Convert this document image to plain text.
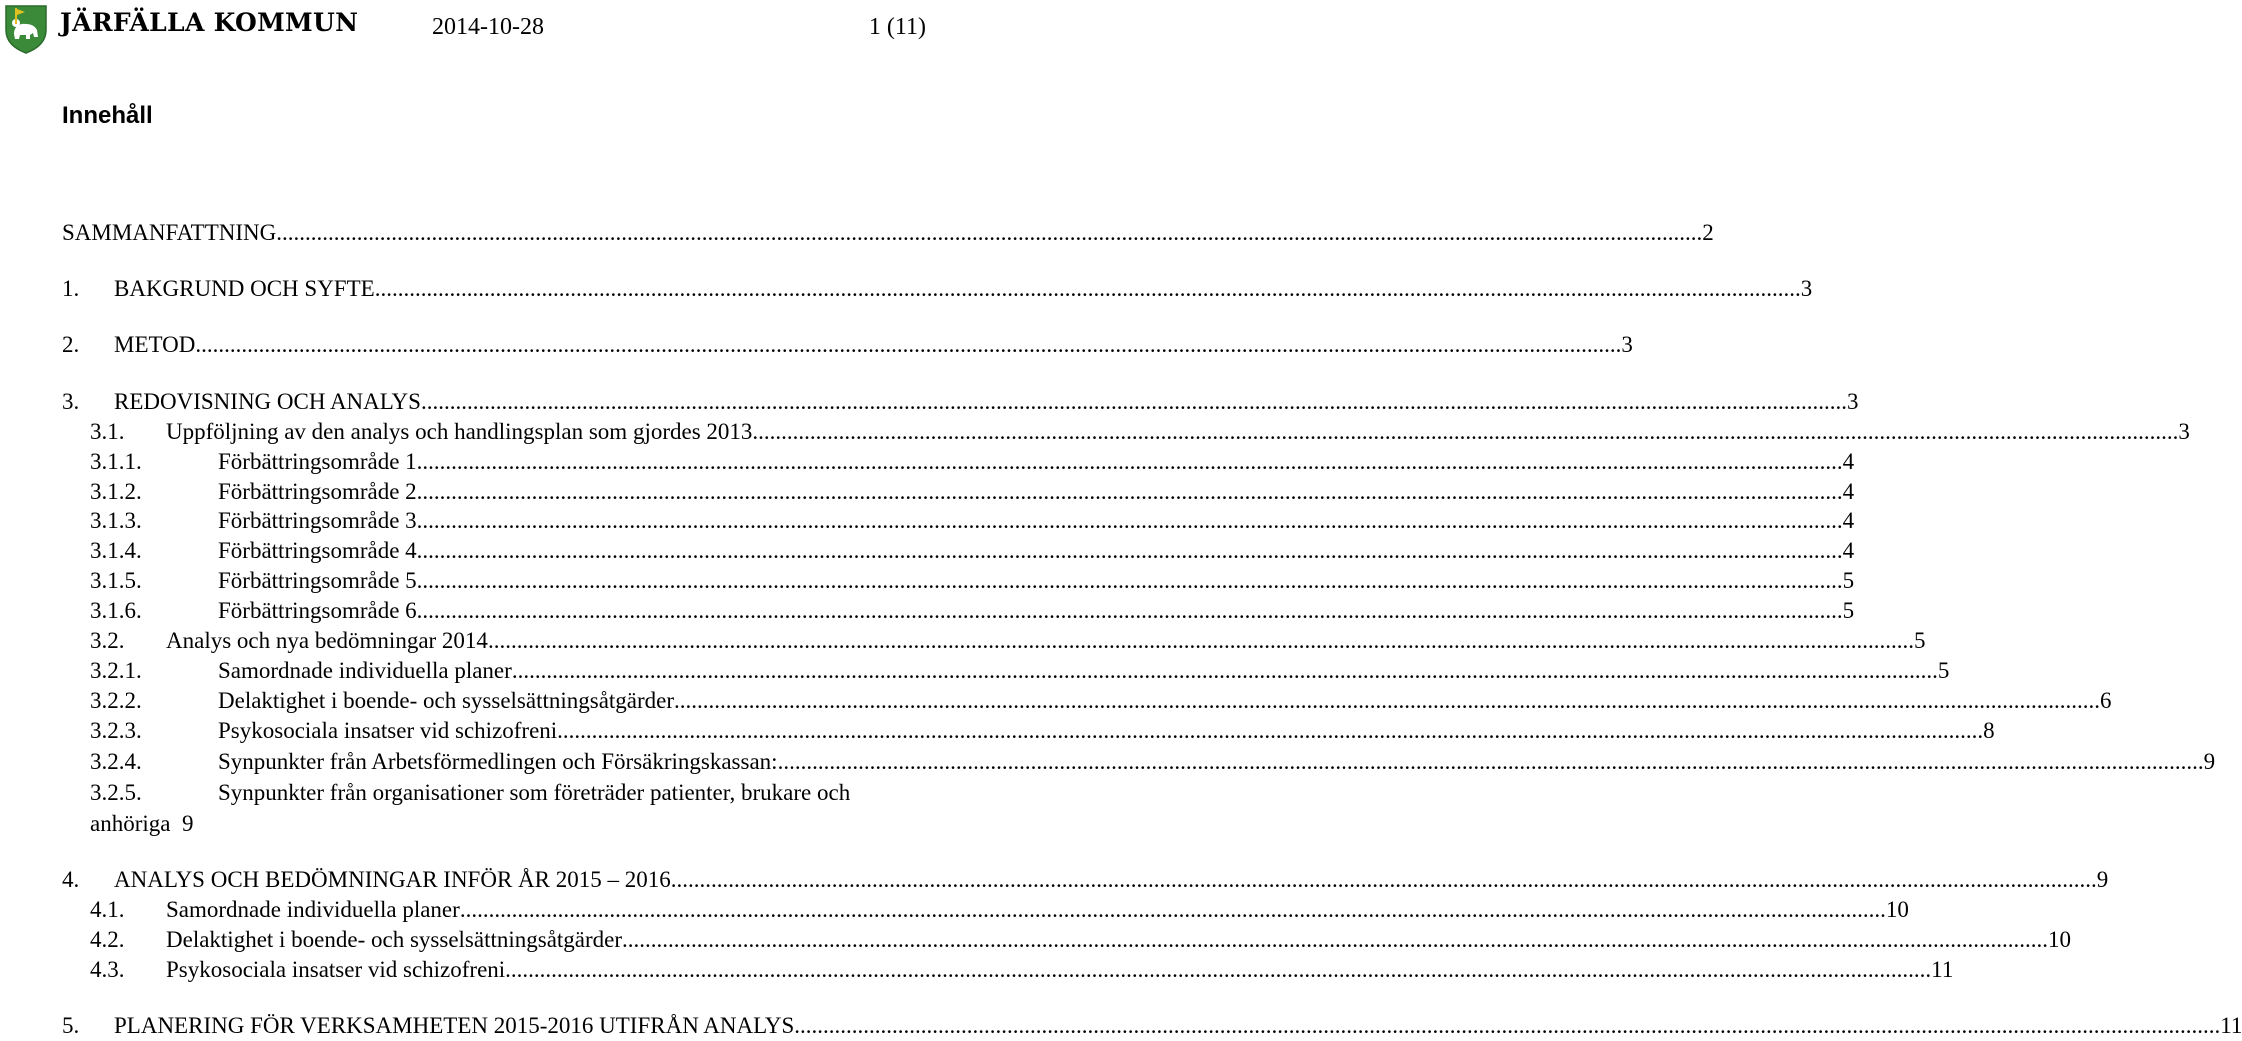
JÄRFÄLLA KOMMUN	2014-10-28	1 (11)
Innehåll
SAMMANFATTNING .....	2
1.	BAKGRUND OCH SYFTE .....	3
2.	METOD .....	3
3.	REDOVISNING OCH ANALYS .....	3
3.1.	Uppföljning av den analys och handlingsplan som gjordes 2013 .....	3
3.1.1.	Förbättringsområde 1 .....	4
3.1.2.	Förbättringsområde 2 .....	4
3.1.3.	Förbättringsområde 3 .....	4
3.1.4.	Förbättringsområde 4 .....	4
3.1.5.	Förbättringsområde 5 .....	5
3.1.6.	Förbättringsområde 6 .....	5
3.2.	Analys och nya bedömningar 2014 .....	5
3.2.1.	Samordnade individuella planer .....	5
3.2.2.	Delaktighet i boende- och sysselsättningsåtgärder .....	6
3.2.3.	Psykosociala insatser vid schizofreni .....	8
3.2.4.	Synpunkter från Arbetsförmedlingen och Försäkringskassan: .....	9
3.2.5.	Synpunkter från organisationer som företräder patienter, brukare och
anhöriga 9
4.	ANALYS OCH BEDÖMNINGAR INFÖR ÅR 2015 – 2016 .....	9
4.1.	Samordnade individuella planer .....	10
4.2.	Delaktighet i boende- och sysselsättningsåtgärder .....	10
4.3.	Psykosociala insatser vid schizofreni .....	11
5.	PLANERING FÖR VERKSAMHETEN 2015-2016 UTIFRÅN ANALYS .....	11
